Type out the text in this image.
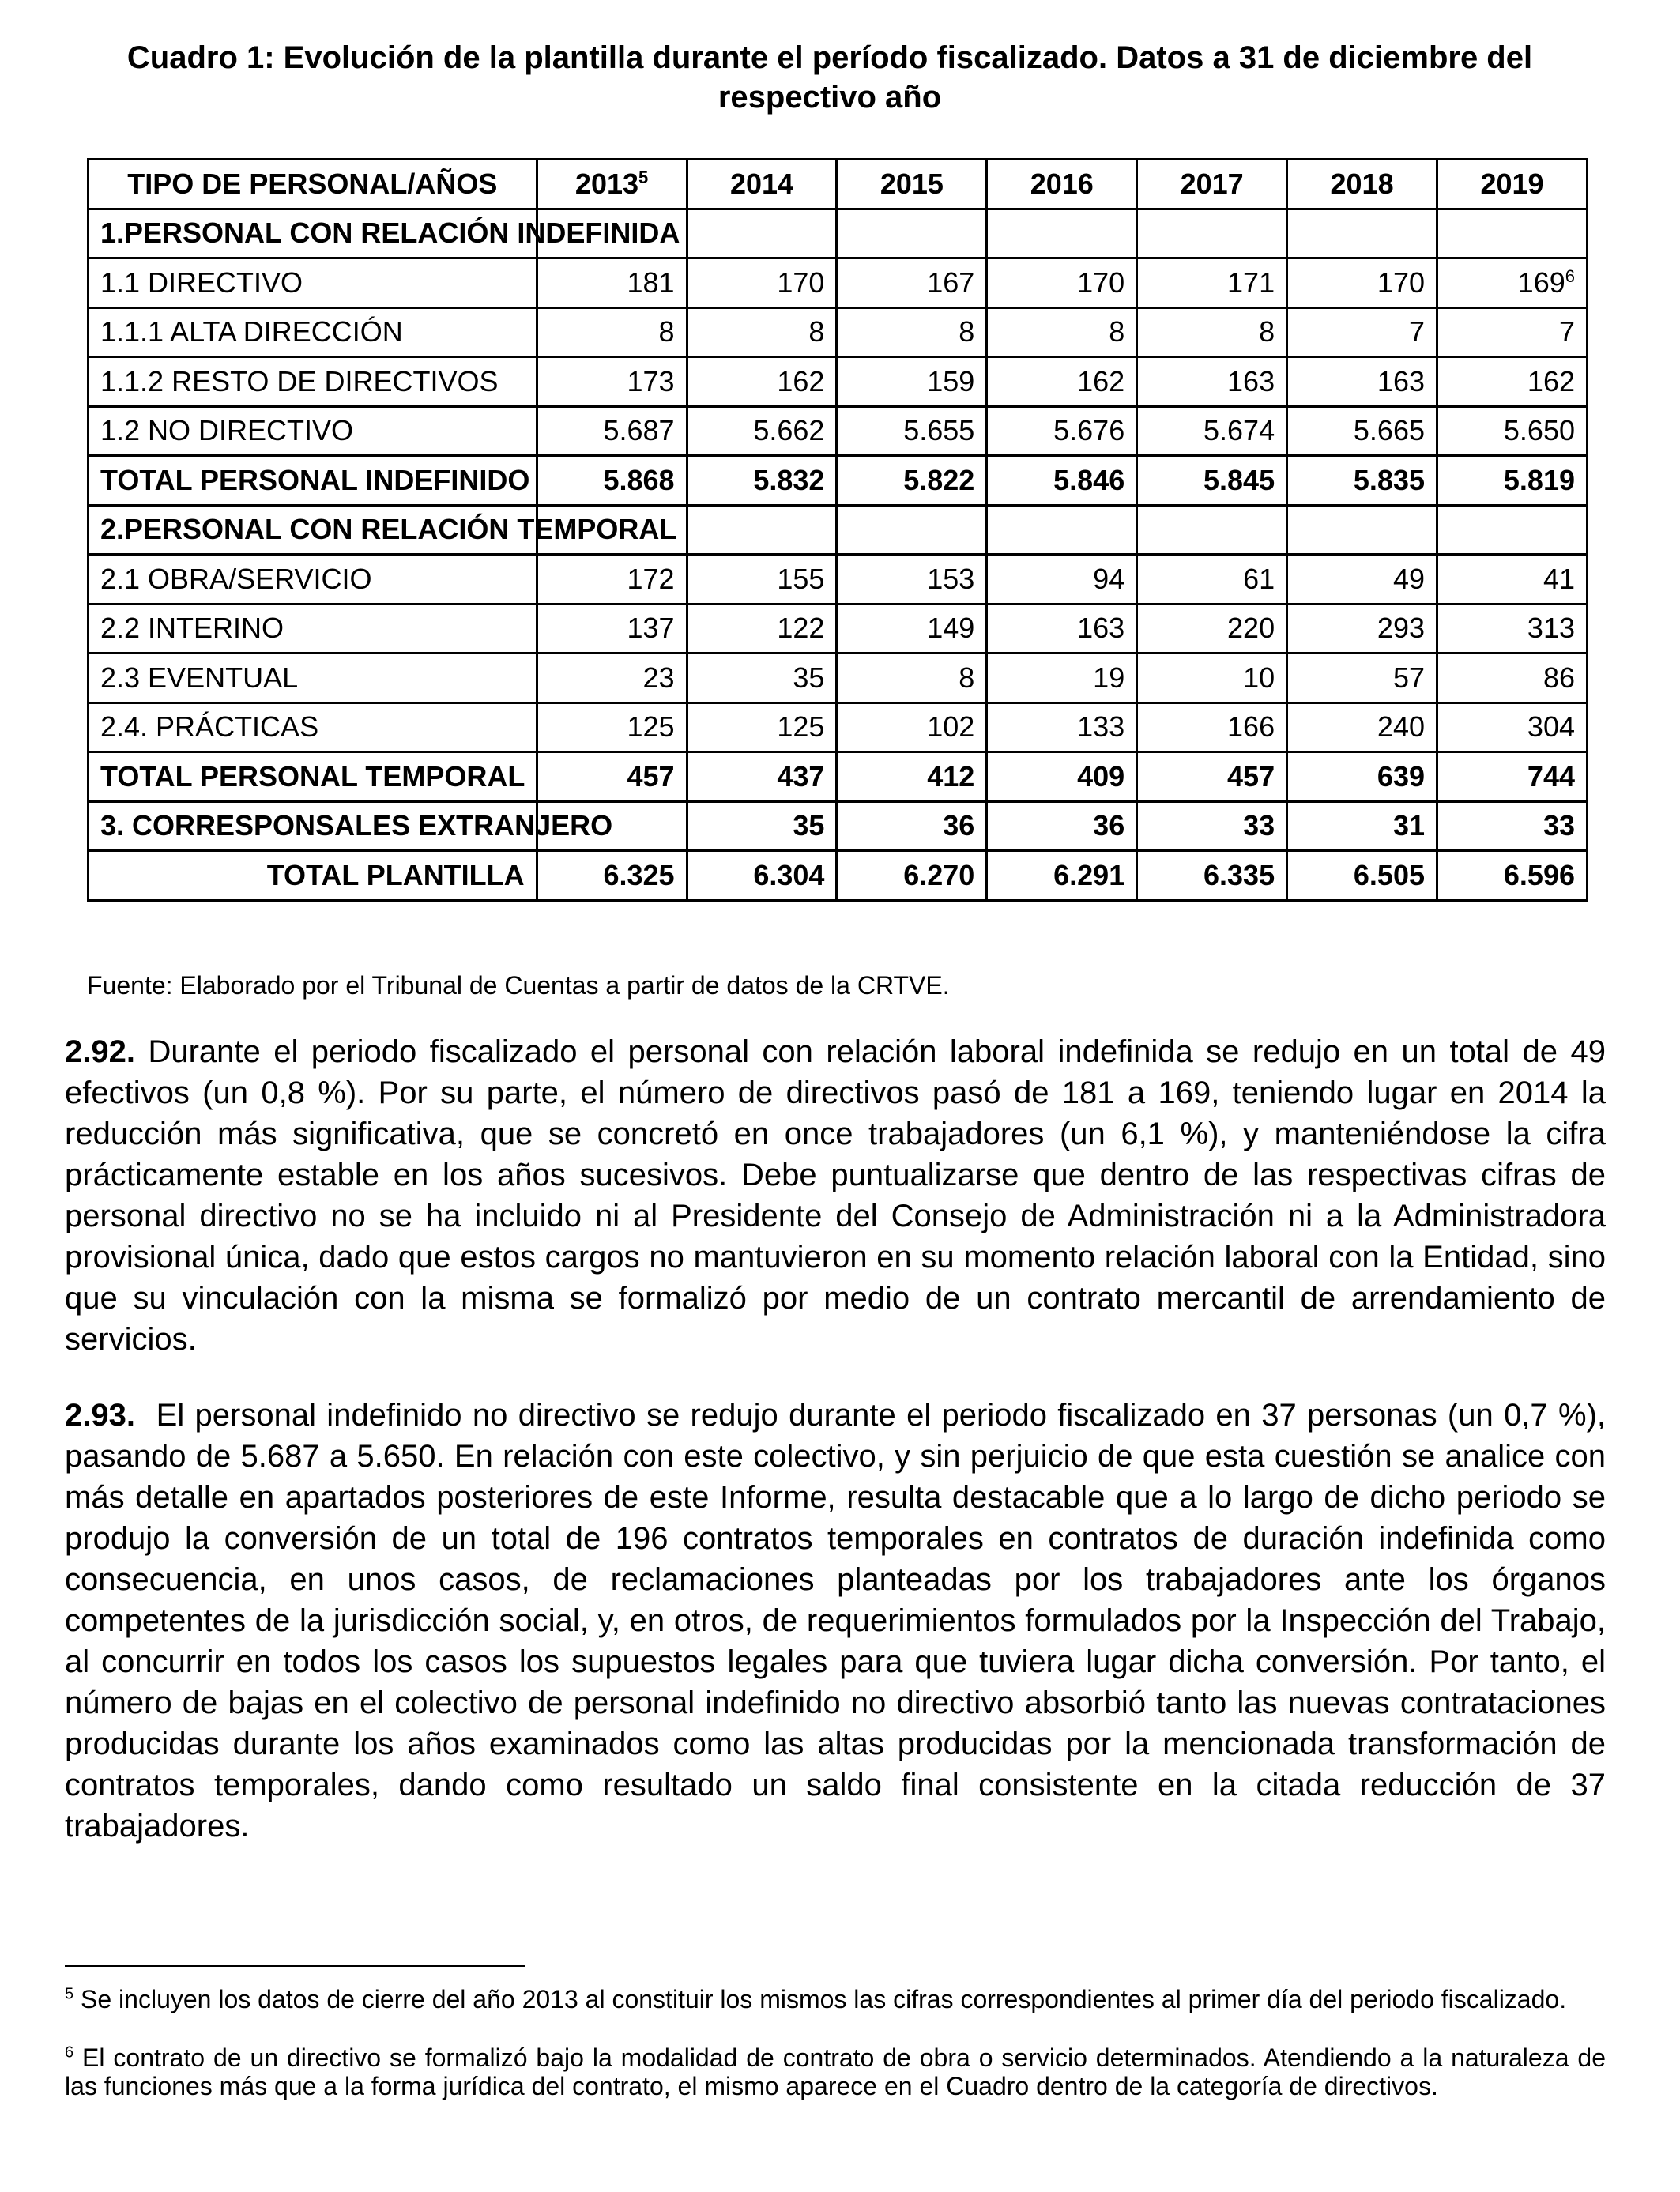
Cuadro 1: Evolución de la plantilla durante el período fiscalizado. Datos a 31 de diciembre del respectivo año
TIPO DE PERSONAL/AÑOS	2013$^5$	2014	2015	2016	2017	2018	2019
1.PERSONAL CON RELACIÓN INDEFINIDA							
1.1 DIRECTIVO	181	170	167	170	171	170	$169^6$
1.1.1 ALTA DIRECCIÓN	8	8	8	8	8	7	7
1.1.2 RESTO DE DIRECTIVOS	173	162	159	162	163	163	162
1.2 NO DIRECTIVO	5.687	5.662	5.655	5.676	5.674	5.665	5.650
TOTAL PERSONAL INDEFINIDO	5.868	5.832	5.822	5.846	5.845	5.835	5.819
2.PERSONAL CON RELACIÓN TEMPORAL							
2.1 OBRA/SERVICIO	172	155	153	94	61	49	41
2.2 INTERINO	137	122	149	163	220	293	313
2.3 EVENTUAL	23	35	8	19	10	57	86
2.4. PRÁCTICAS	125	125	102	133	166	240	304
TOTAL PERSONAL TEMPORAL	457	437	412	409	457	639	744
3. CORRESPONSALES EXTRANJERO		35	36	36	33	31	33
TOTAL PLANTILLA	6.325	6.304	6.270	6.291	6.335	6.505	6.596
Fuente: Elaborado por el Tribunal de Cuentas a partir de datos de la CRTVE.
2.92. Durante el periodo fiscalizado el personal con relación laboral indefinida se redujo en un total de 49 efectivos (un 0,8 %). Por su parte, el número de directivos pasó de 181 a 169, teniendo lugar en 2014 la reducción más significativa, que se concretó en once trabajadores (un 6,1 %), y manteniéndose la cifra prácticamente estable en los años sucesivos. Debe puntualizarse que dentro de las respectivas cifras de personal directivo no se ha incluido ni al Presidente del Consejo de Administración ni a la Administradora provisional única, dado que estos cargos no mantuvieron en su momento relación laboral con la Entidad, sino que su vinculación con la misma se formalizó por medio de un contrato mercantil de arrendamiento de servicios.
2.93. El personal indefinido no directivo se redujo durante el periodo fiscalizado en 37 personas (un 0,7 %), pasando de 5.687 a 5.650. En relación con este colectivo, y sin perjuicio de que esta cuestión se analice con más detalle en apartados posteriores de este Informe, resulta destacable que a lo largo de dicho periodo se produjo la conversión de un total de 196 contratos temporales en contratos de duración indefinida como consecuencia, en unos casos, de reclamaciones planteadas por los trabajadores ante los órganos competentes de la jurisdicción social, y, en otros, de requerimientos formulados por la Inspección del Trabajo, al concurrir en todos los casos los supuestos legales para que tuviera lugar dicha conversión. Por tanto, el número de bajas en el colectivo de personal indefinido no directivo absorbió tanto las nuevas contrataciones producidas durante los años examinados como las altas producidas por la mencionada transformación de contratos temporales, dando como resultado un saldo final consistente en la citada reducción de 37 trabajadores.
$^5$ Se incluyen los datos de cierre del año 2013 al constituir los mismos las cifras correspondientes al primer día del periodo fiscalizado.
$^6$ El contrato de un directivo se formalizó bajo la modalidad de contrato de obra o servicio determinados. Atendiendo a la naturaleza de las funciones más que a la forma jurídica del contrato, el mismo aparece en el Cuadro dentro de la categoría de directivos.
